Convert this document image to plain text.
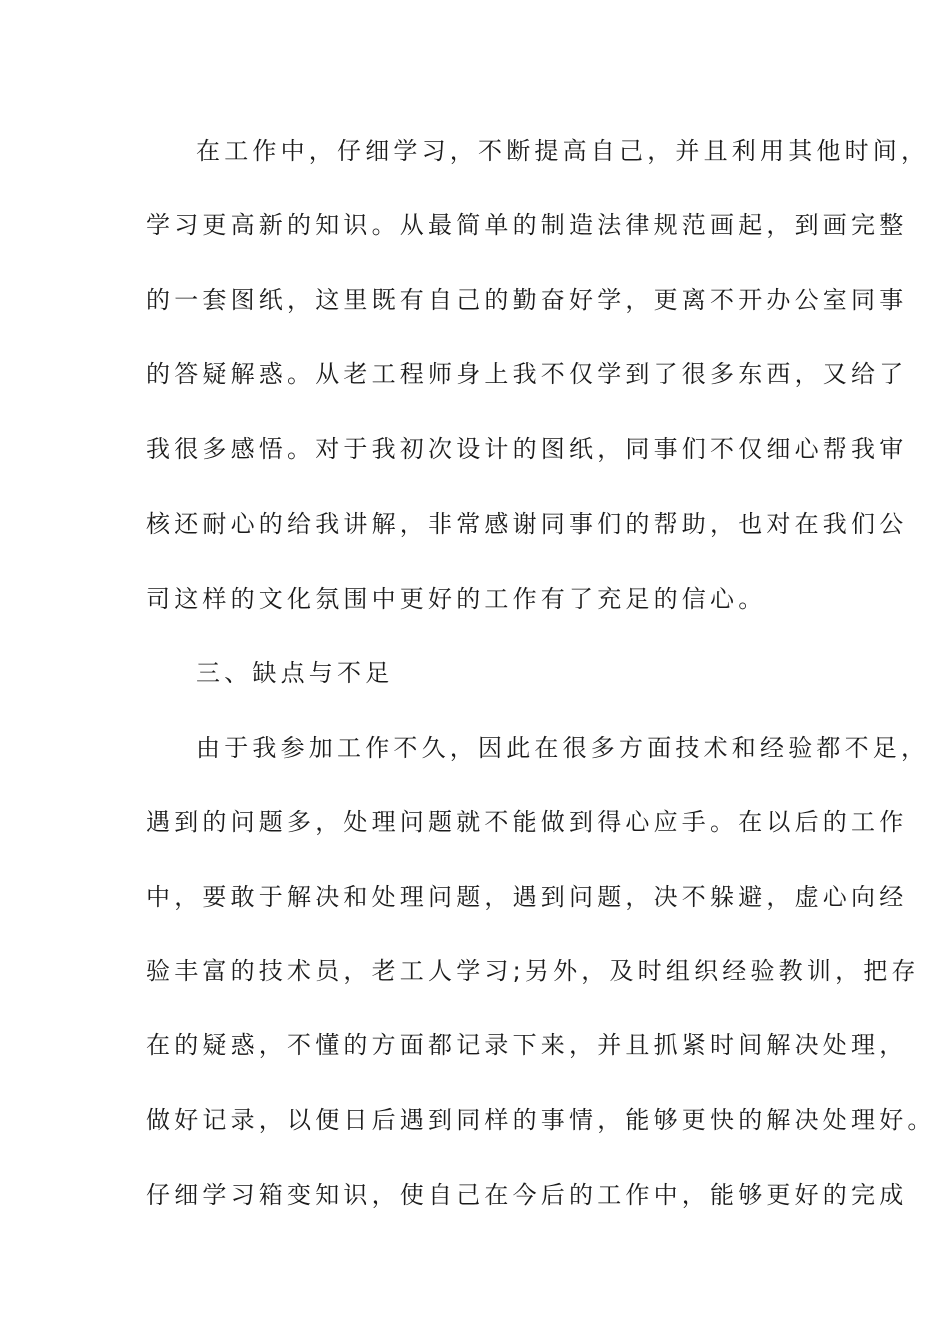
在工作中，仔细学习，不断提高自己，并且利用其他时间，
学习更高新的知识。从最简单的制造法律规范画起，到画完整
的一套图纸，这里既有自己的勤奋好学，更离不开办公室同事
的答疑解惑。从老工程师身上我不仅学到了很多东西，又给了
我很多感悟。对于我初次设计的图纸，同事们不仅细心帮我审
核还耐心的给我讲解，非常感谢同事们的帮助，也对在我们公
司这样的文化氛围中更好的工作有了充足的信心。
三、缺点与不足
由于我参加工作不久，因此在很多方面技术和经验都不足，
遇到的问题多，处理问题就不能做到得心应手。在以后的工作
中，要敢于解决和处理问题，遇到问题，决不躲避，虚心向经
验丰富的技术员，老工人学习;另外，及时组织经验教训，把存
在的疑惑，不懂的方面都记录下来，并且抓紧时间解决处理，
做好记录，以便日后遇到同样的事情，能够更快的解决处理好。
仔细学习箱变知识，使自己在今后的工作中，能够更好的完成
